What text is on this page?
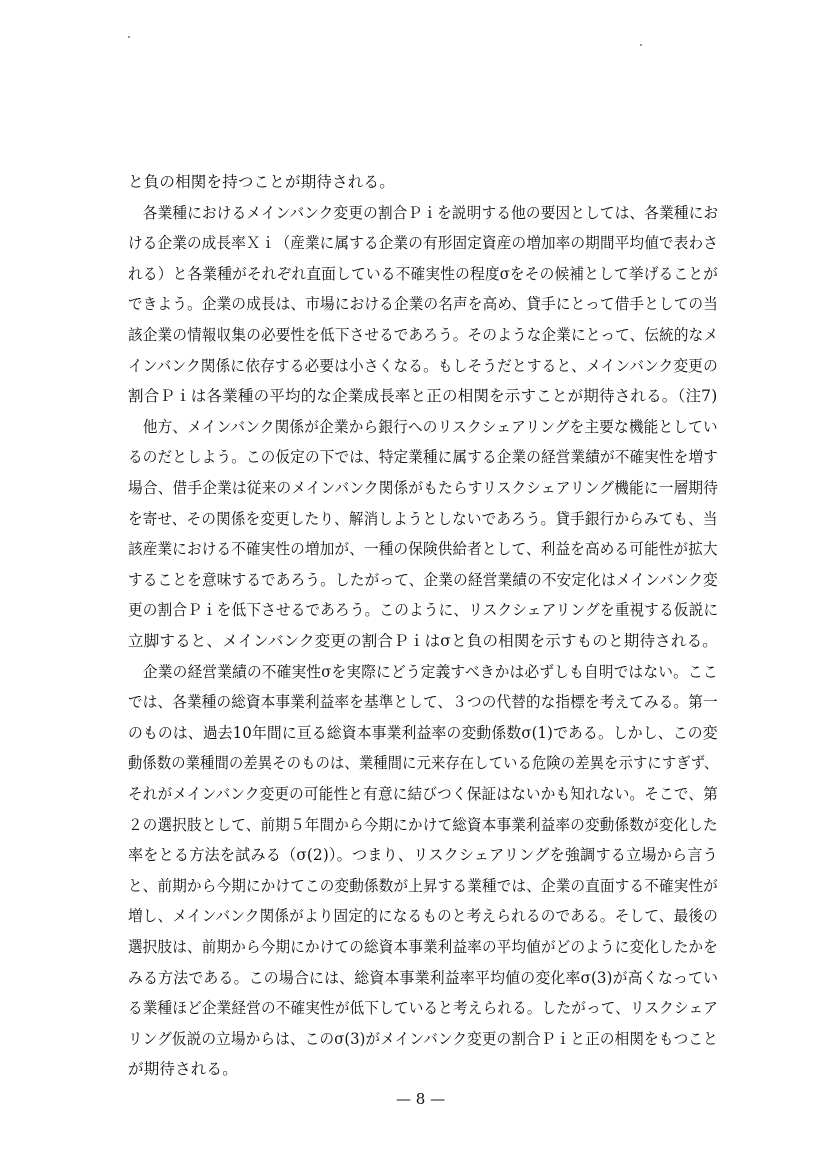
と負の相関を持つことが期待される。
　各業種におけるメインバンク変更の割合Ｐｉを説明する他の要因としては、各業種にお
ける企業の成長率Ｘｉ（産業に属する企業の有形固定資産の増加率の期間平均値で表わさ
れる）と各業種がそれぞれ直面している不確実性の程度σをその候補として挙げることが
できよう。企業の成長は、市場における企業の名声を高め、貸手にとって借手としての当
該企業の情報収集の必要性を低下させるであろう。そのような企業にとって、伝統的なメ
インバンク関係に依存する必要は小さくなる。もしそうだとすると、メインバンク変更の
割合Ｐｉは各業種の平均的な企業成長率と正の相関を示すことが期待される。（注7)
　他方、メインバンク関係が企業から銀行へのリスクシェアリングを主要な機能としてい
るのだとしよう。この仮定の下では、特定業種に属する企業の経営業績が不確実性を増す
場合、借手企業は従来のメインバンク関係がもたらすリスクシェアリング機能に一層期待
を寄せ、その関係を変更したり、解消しようとしないであろう。貸手銀行からみても、当
該産業における不確実性の増加が、一種の保険供給者として、利益を高める可能性が拡大
することを意味するであろう。したがって、企業の経営業績の不安定化はメインバンク変
更の割合Ｐｉを低下させるであろう。このように、リスクシェアリングを重視する仮説に
立脚すると、メインバンク変更の割合Ｐｉはσと負の相関を示すものと期待される。
　企業の経営業績の不確実性σを実際にどう定義すべきかは必ずしも自明ではない。ここ
では、各業種の総資本事業利益率を基準として、３つの代替的な指標を考えてみる。第一
のものは、過去10年間に亘る総資本事業利益率の変動係数σ(1)である。しかし、この変
動係数の業種間の差異そのものは、業種間に元来存在している危険の差異を示すにすぎず、
それがメインバンク変更の可能性と有意に結びつく保証はないかも知れない。そこで、第
２の選択肢として、前期５年間から今期にかけて総資本事業利益率の変動係数が変化した
率をとる方法を試みる（σ(2)）。つまり、リスクシェアリングを強調する立場から言う
と、前期から今期にかけてこの変動係数が上昇する業種では、企業の直面する不確実性が
増し、メインバンク関係がより固定的になるものと考えられるのである。そして、最後の
選択肢は、前期から今期にかけての総資本事業利益率の平均値がどのように変化したかを
みる方法である。この場合には、総資本事業利益率平均値の変化率σ(3)が高くなってい
る業種ほど企業経営の不確実性が低下していると考えられる。したがって、リスクシェア
リング仮説の立場からは、このσ(3)がメインバンク変更の割合Ｐｉと正の相関をもつこと
が期待される。
— 8 —
